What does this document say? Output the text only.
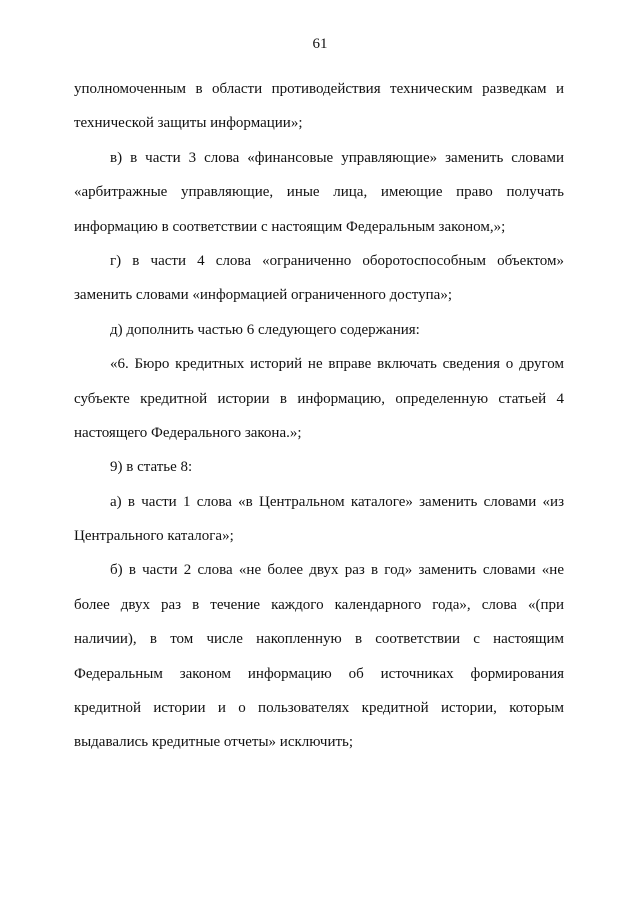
61
уполномоченным в области противодействия техническим разведкам и
технической защиты информации»;
в) в части 3 слова «финансовые управляющие» заменить словами
«арбитражные управляющие, иные лица, имеющие право получать
информацию в соответствии с настоящим Федеральным законом,»;
г) в части 4 слова «ограниченно оборотоспособным объектом»
заменить словами «информацией ограниченного доступа»;
д) дополнить частью 6 следующего содержания:
«6. Бюро кредитных историй не вправе включать сведения о другом
субъекте кредитной истории в информацию, определенную статьей 4
настоящего Федерального закона.»;
9) в статье 8:
а) в части 1 слова «в Центральном каталоге» заменить словами «из
Центрального каталога»;
б) в части 2 слова «не более двух раз в год» заменить словами «не
более двух раз в течение каждого календарного года», слова «(при
наличии), в том числе накопленную в соответствии с настоящим
Федеральным законом информацию об источниках формирования
кредитной истории и о пользователях кредитной истории, которым
выдавались кредитные отчеты» исключить;
